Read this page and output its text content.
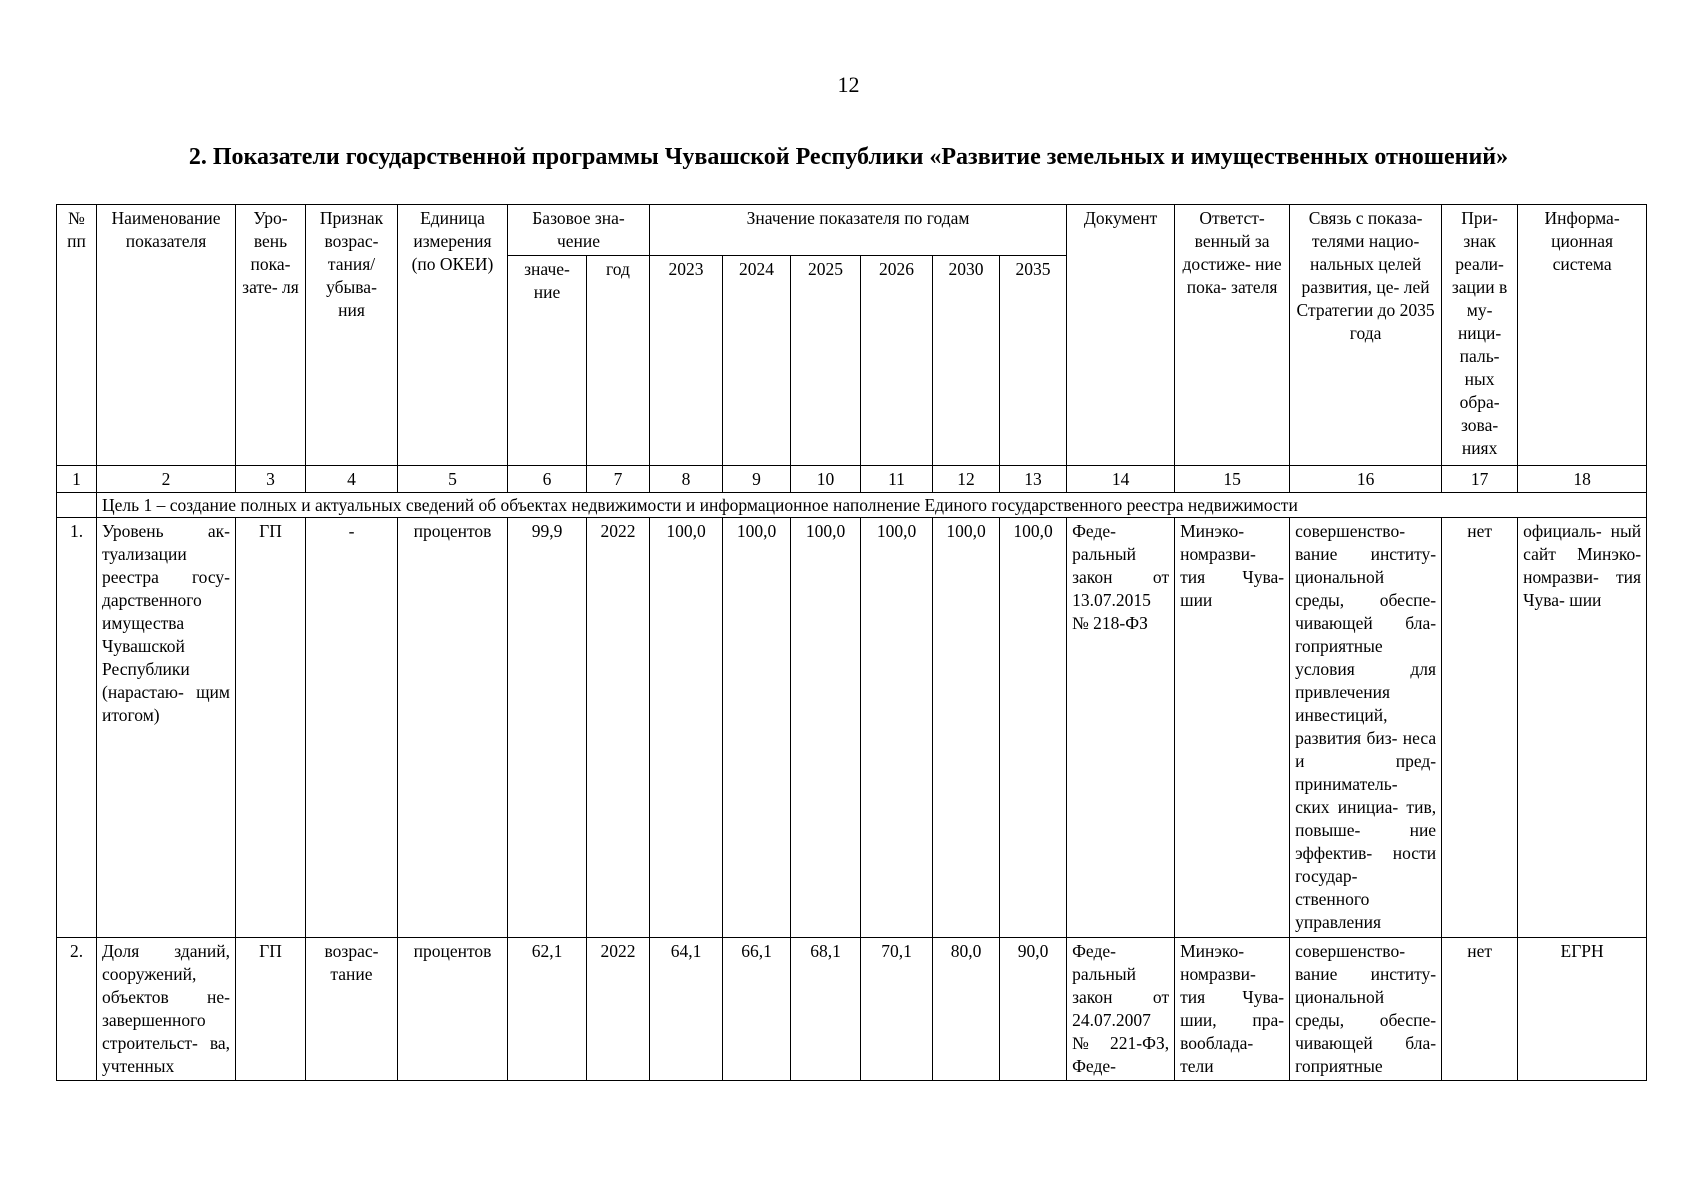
12
2. Показатели государственной программы Чувашской Республики «Развитие земельных и имущественных отношений»
№ пп	Наименование показателя	Уро- вень пока- зате- ля	Признак возрас- тания/ убыва- ния	Единица измерения (по ОКЕИ)	Базовое зна- чение		Значение показателя по годам						Документ	Ответст- венный за достиже- ние пока- зателя	Связь с показа- телями нацио- нальных целей развития, це- лей Стратегии до 2035 года	При- знак реали- зации в му- ници- паль- ных обра- зова- ниях	Информа- ционная система
					значе- ние	год	2023	2024	2025	2026	2030	2035					
1	2	3	4	5	6	7	8	9	10	11	12	13	14	15	16	17	18
	Цель 1 – создание полных и актуальных сведений об объектах недвижимости и информационное наполнение Единого государственного реестра недвижимости																
1.	Уровень ак- туализации реестра госу- дарственного имущества Чувашской Республики (нарастаю- щим итогом)	ГП	-	процентов	99,9	2022	100,0	100,0	100,0	100,0	100,0	100,0	Феде- ральный закон от 13.07.2015 № 218-ФЗ	Минэко- номразви- тия Чува- шии	совершенство- вание институ- циональной среды, обеспе- чивающей бла- гоприятные условия для привлечения инвестиций, развития биз- неса и пред- приниматель- ских инициа- тив, повыше- ние эффектив- ности государ- ственного управления	нет	официаль- ный сайт Минэко- номразви- тия Чува- шии
2.	Доля зданий, сооружений, объектов не- завершенного строительст- ва, учтенных	ГП	возрас- тание	процентов	62,1	2022	64,1	66,1	68,1	70,1	80,0	90,0	Феде- ральный закон от 24.07.2007 № 221-ФЗ, Феде-	Минэко- номразви- тия Чува- шии, пра- вооблада- тели	совершенство- вание институ- циональной среды, обеспе- чивающей бла- гоприятные	нет	ЕГРН
